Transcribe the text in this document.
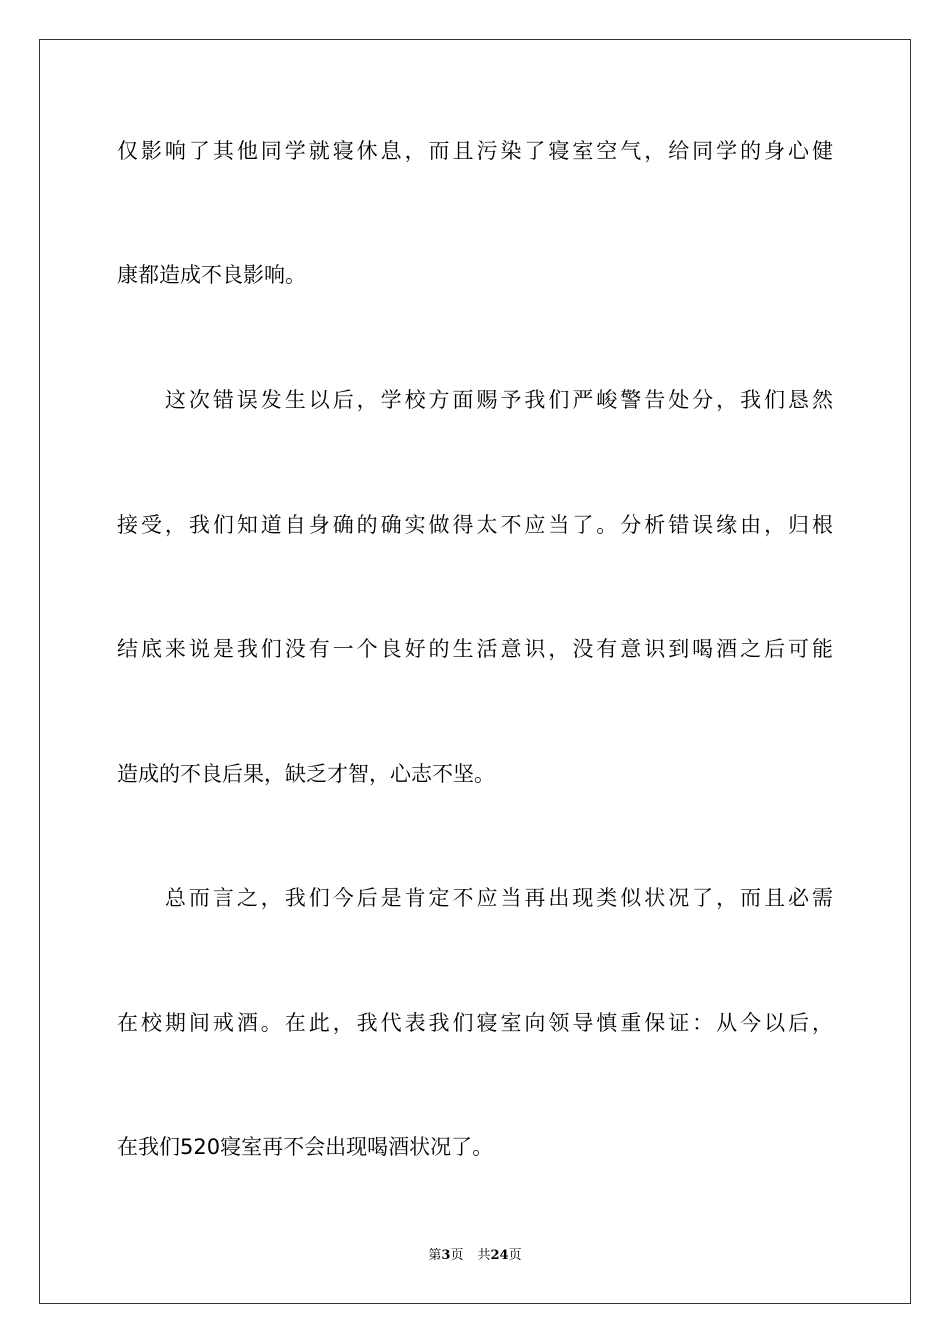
仅影响了其他同学就寝休息，而且污染了寝室空气，给同学的身心健
康都造成不良影响。
　　这次错误发生以后，学校方面赐予我们严峻警告处分，我们恳然
接受，我们知道自身确的确实做得太不应当了。分析错误缘由，归根
结底来说是我们没有一个良好的生活意识，没有意识到喝酒之后可能
造成的不良后果，缺乏才智，心志不坚。
　　总而言之，我们今后是肯定不应当再出现类似状况了，而且必需
在校期间戒酒。在此，我代表我们寝室向领导慎重保证：从今以后，
在我们520寝室再不会出现喝酒状况了。
第3页 共24页
